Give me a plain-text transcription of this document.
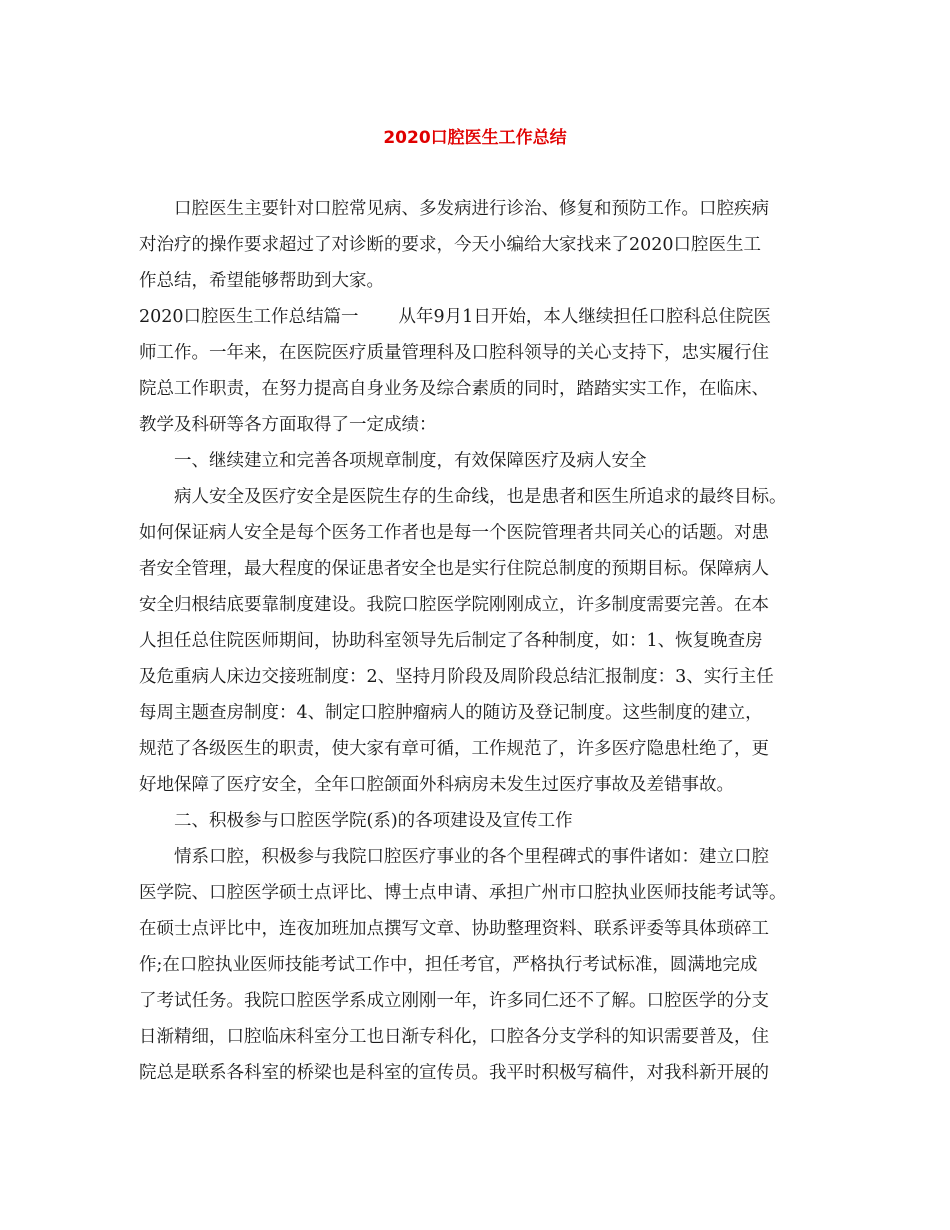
2020口腔医生工作总结
口腔医生主要针对口腔常见病、多发病进行诊治、修复和预防工作。口腔疾病
对治疗的操作要求超过了对诊断的要求，今天小编给大家找来了2020口腔医生工
作总结，希望能够帮助到大家。
2020口腔医生工作总结篇一 从年9月1日开始，本人继续担任口腔科总住院医
师工作。一年来，在医院医疗质量管理科及口腔科领导的关心支持下，忠实履行住
院总工作职责，在努力提高自身业务及综合素质的同时，踏踏实实工作，在临床、
教学及科研等各方面取得了一定成绩：
一、继续建立和完善各项规章制度，有效保障医疗及病人安全
病人安全及医疗安全是医院生存的生命线，也是患者和医生所追求的最终目标。
如何保证病人安全是每个医务工作者也是每一个医院管理者共同关心的话题。对患
者安全管理，最大程度的保证患者安全也是实行住院总制度的预期目标。保障病人
安全归根结底要靠制度建设。我院口腔医学院刚刚成立，许多制度需要完善。在本
人担任总住院医师期间，协助科室领导先后制定了各种制度，如：1、恢复晚查房
及危重病人床边交接班制度：2、坚持月阶段及周阶段总结汇报制度：3、实行主任
每周主题查房制度：4、制定口腔肿瘤病人的随访及登记制度。这些制度的建立，
规范了各级医生的职责，使大家有章可循，工作规范了，许多医疗隐患杜绝了，更
好地保障了医疗安全，全年口腔颌面外科病房未发生过医疗事故及差错事故。
二、积极参与口腔医学院(系)的各项建设及宣传工作
情系口腔，积极参与我院口腔医疗事业的各个里程碑式的事件诸如：建立口腔
医学院、口腔医学硕士点评比、博士点申请、承担广州市口腔执业医师技能考试等。
在硕士点评比中，连夜加班加点撰写文章、协助整理资料、联系评委等具体琐碎工
作;在口腔执业医师技能考试工作中，担任考官，严格执行考试标准，圆满地完成
了考试任务。我院口腔医学系成立刚刚一年，许多同仁还不了解。口腔医学的分支
日渐精细，口腔临床科室分工也日渐专科化，口腔各分支学科的知识需要普及，住
院总是联系各科室的桥梁也是科室的宣传员。我平时积极写稿件，对我科新开展的
